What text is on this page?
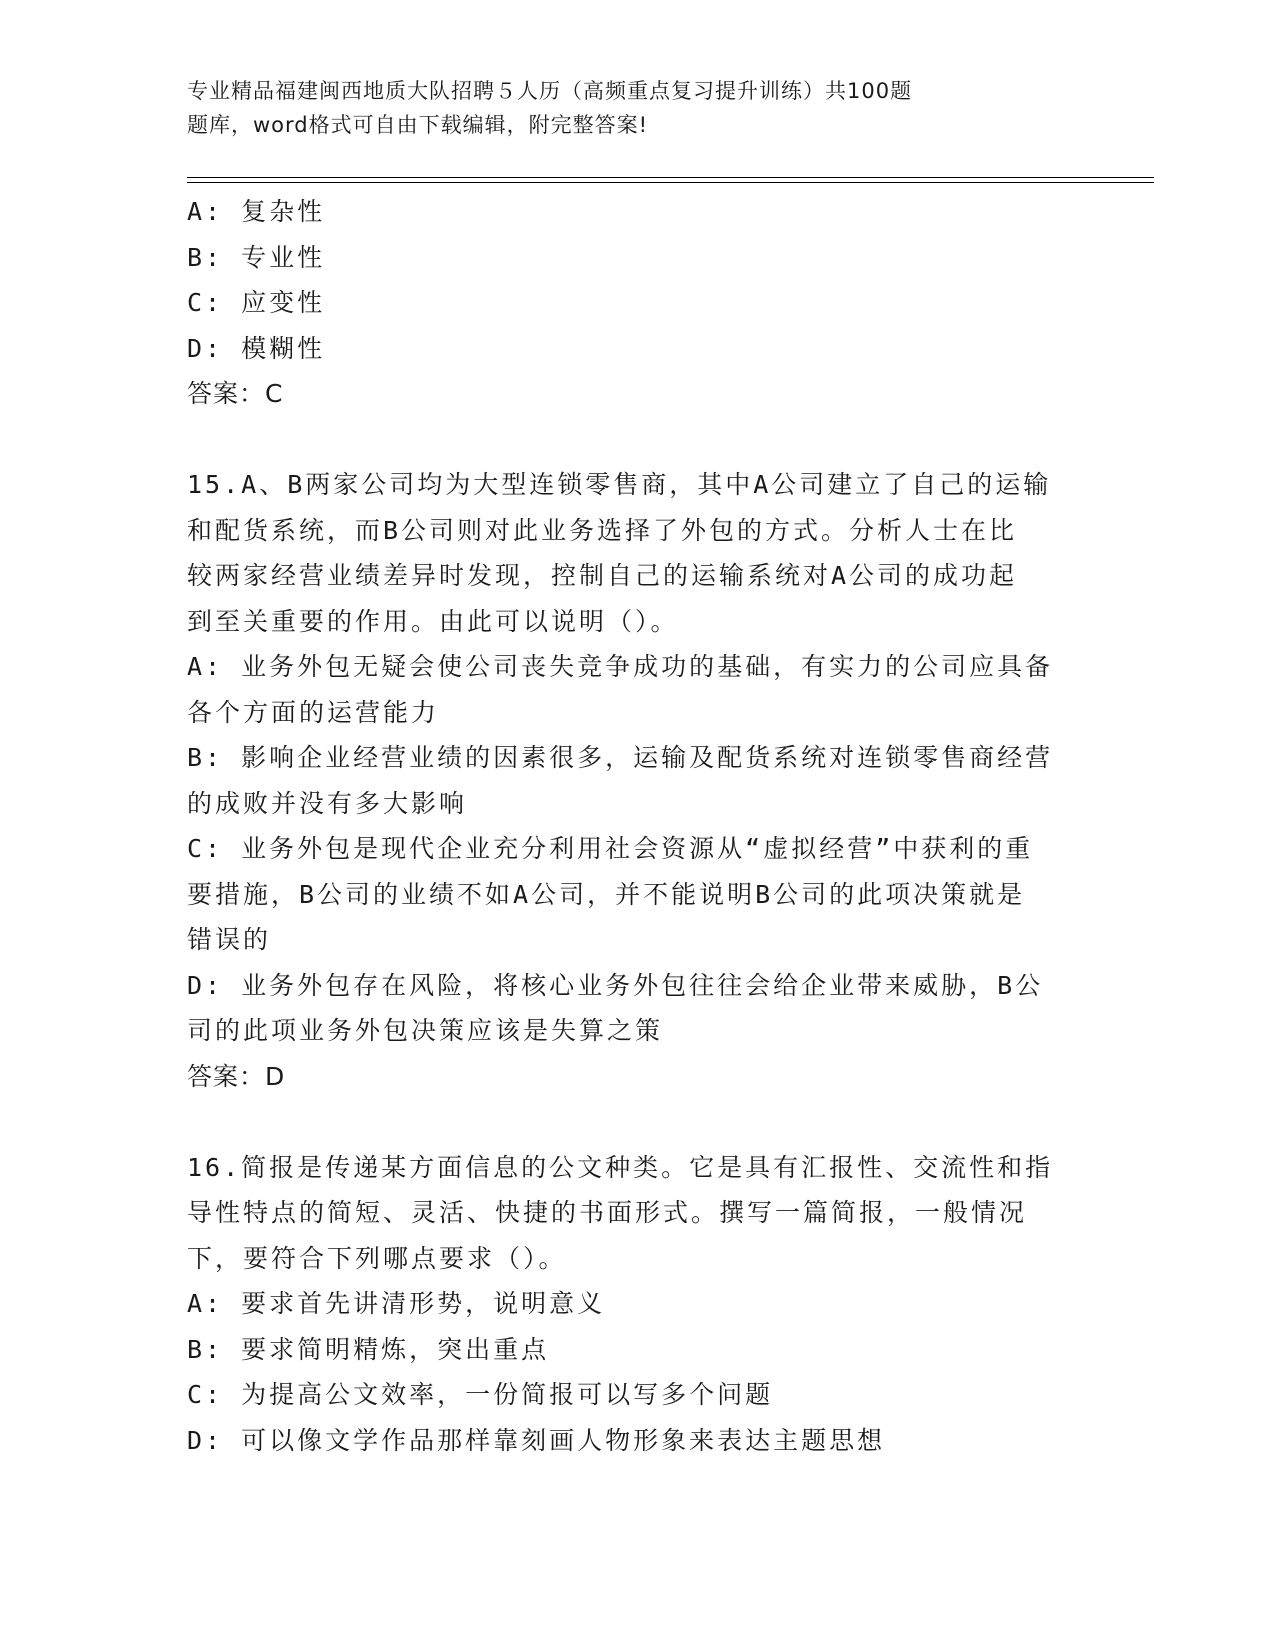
专业精品福建闽西地质大队招聘５人历（高频重点复习提升训练）共100题
题库，word格式可自由下载编辑，附完整答案!
A: 复杂性
B: 专业性
C: 应变性
D: 模糊性
答案：C
15.A、B两家公司均为大型连锁零售商，其中A公司建立了自己的运输
和配货系统，而B公司则对此业务选择了外包的方式。分析人士在比
较两家经营业绩差异时发现，控制自己的运输系统对A公司的成功起
到至关重要的作用。由此可以说明（）。
A: 业务外包无疑会使公司丧失竞争成功的基础，有实力的公司应具备
各个方面的运营能力
B: 影响企业经营业绩的因素很多，运输及配货系统对连锁零售商经营
的成败并没有多大影响
C: 业务外包是现代企业充分利用社会资源从“虚拟经营”中获利的重
要措施，B公司的业绩不如A公司，并不能说明B公司的此项决策就是
错误的
D: 业务外包存在风险，将核心业务外包往往会给企业带来威胁，B公
司的此项业务外包决策应该是失算之策
答案：D
16.简报是传递某方面信息的公文种类。它是具有汇报性、交流性和指
导性特点的简短、灵活、快捷的书面形式。撰写一篇简报，一般情况
下，要符合下列哪点要求（）。
A: 要求首先讲清形势，说明意义
B: 要求简明精炼，突出重点
C: 为提高公文效率，一份简报可以写多个问题
D: 可以像文学作品那样靠刻画人物形象来表达主题思想
